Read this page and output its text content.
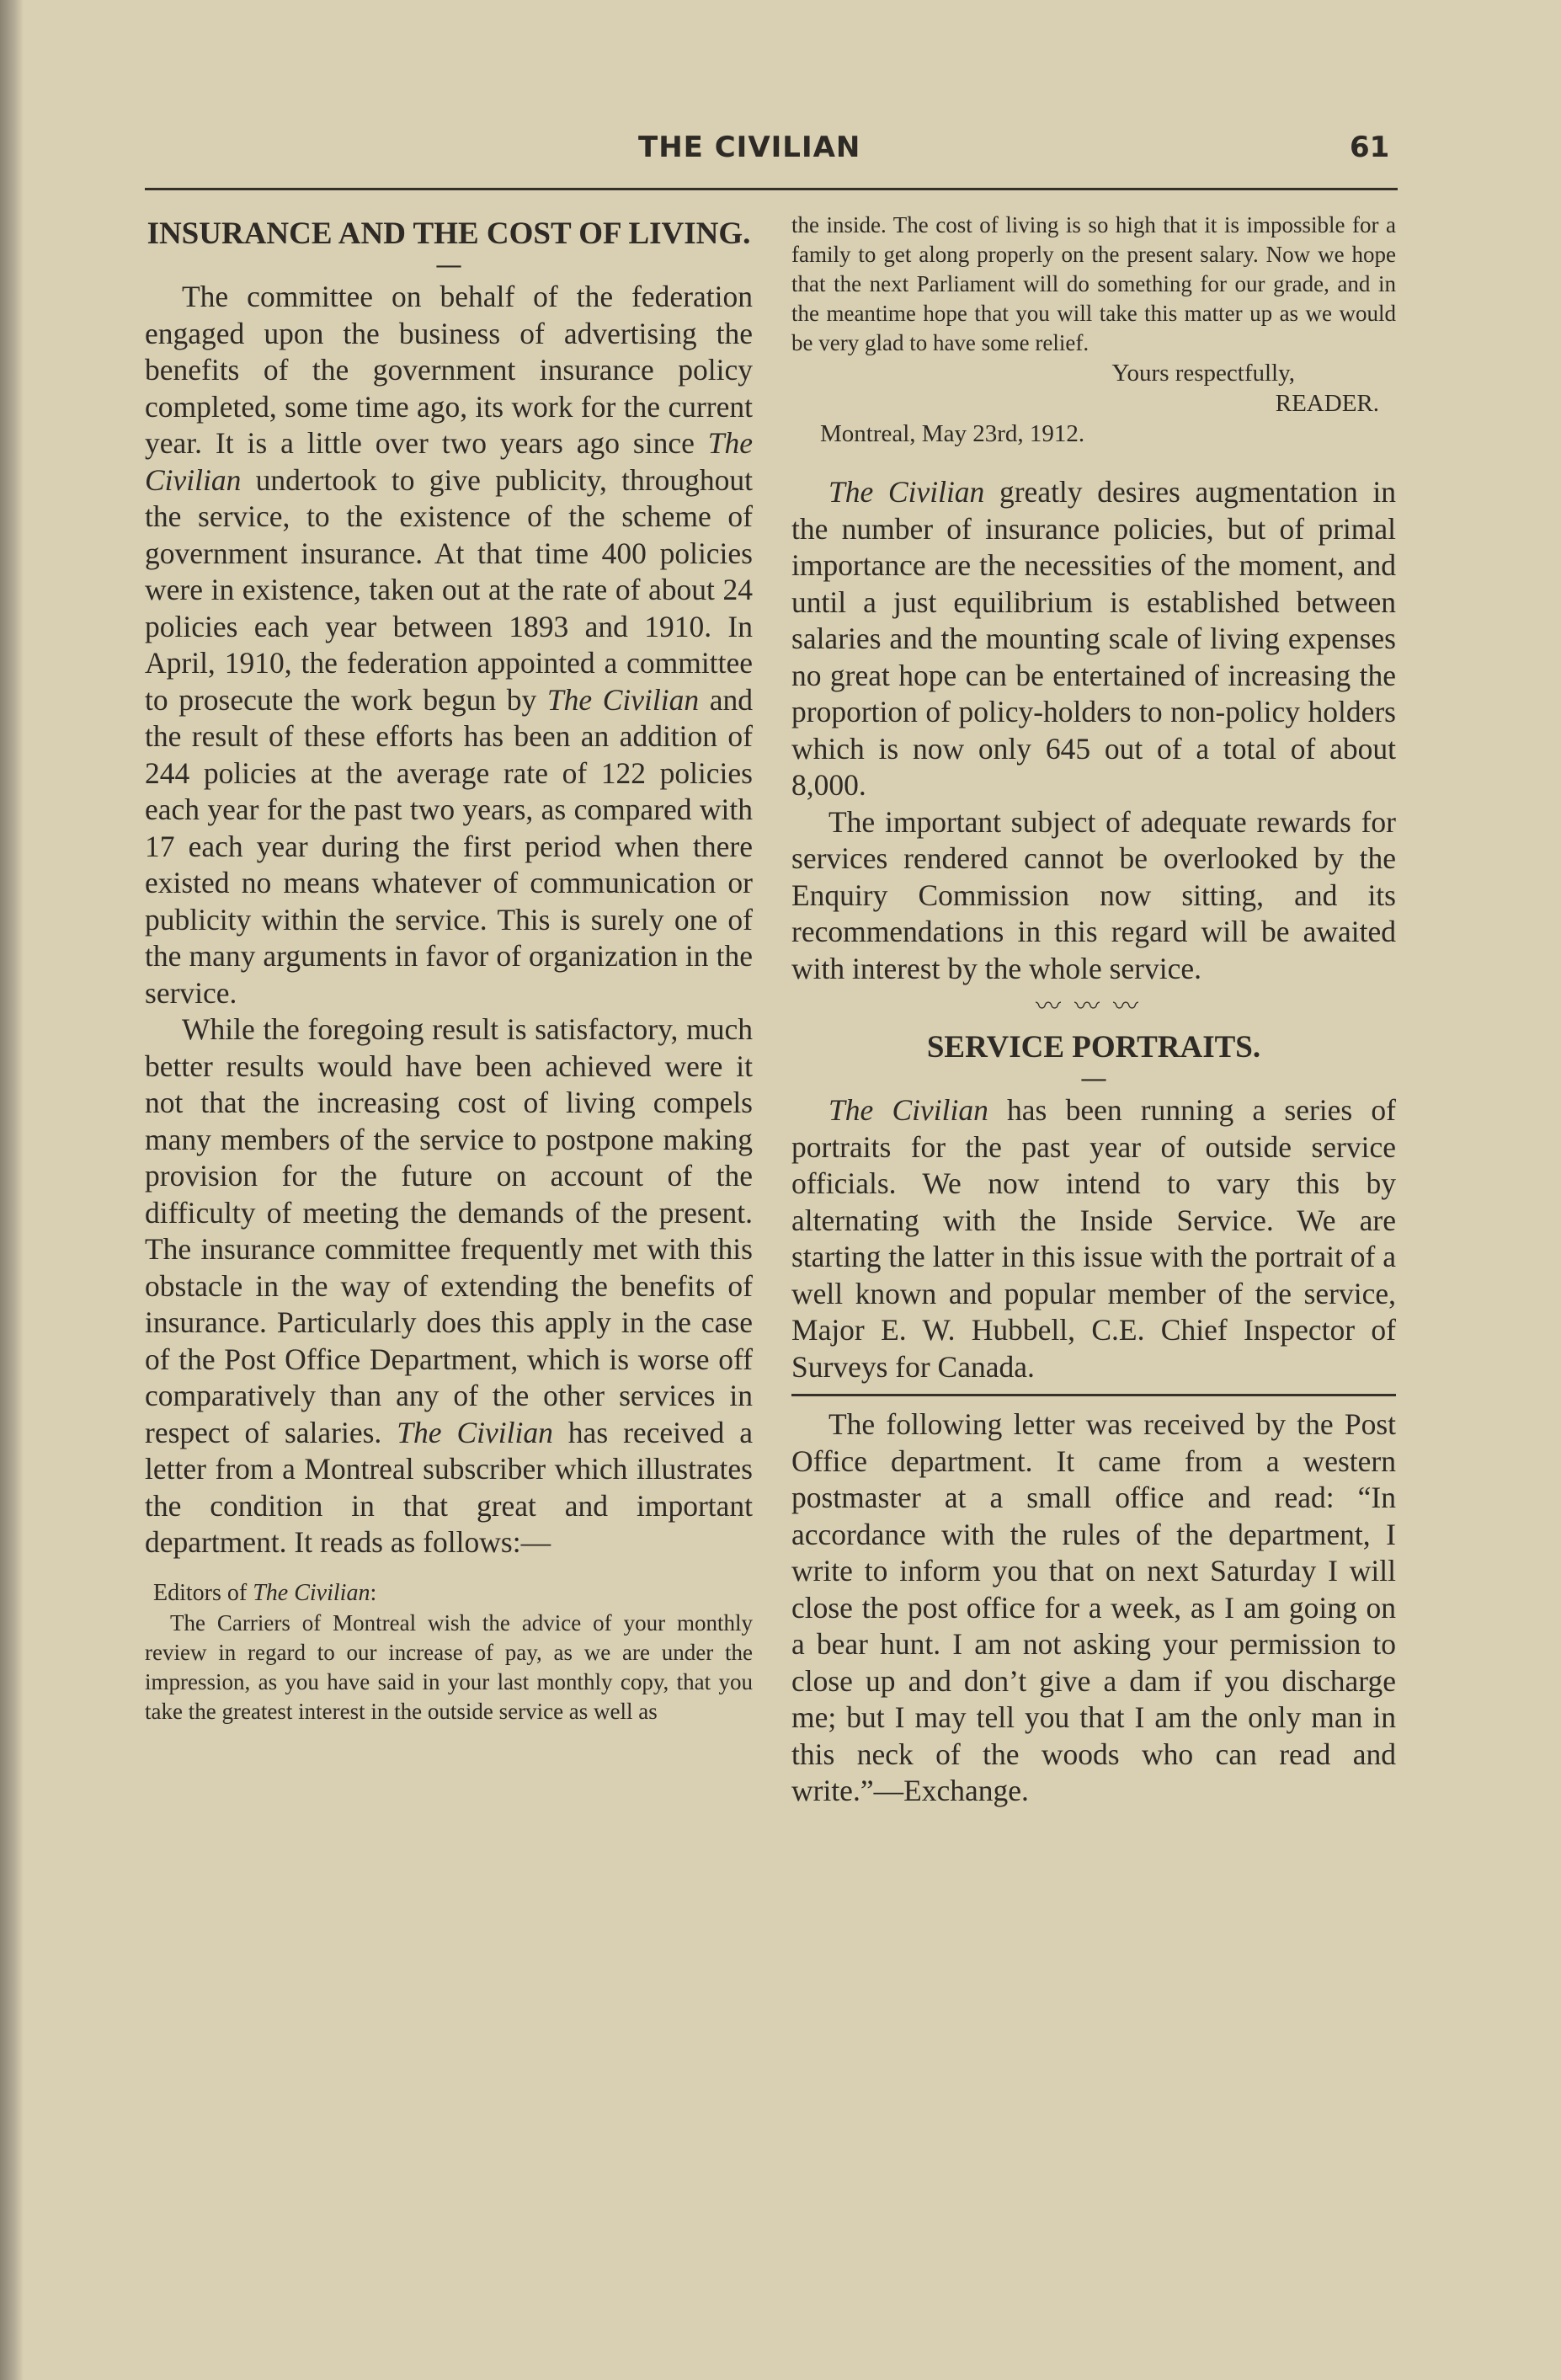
THE CIVILIAN	61
INSURANCE AND THE COST OF LIVING.
—

The committee on behalf of the federation engaged upon the business of advertising the benefits of the government insurance policy completed, some time ago, its work for the current year. It is a little over two years ago since The Civilian undertook to give publicity, throughout the service, to the existence of the scheme of government insurance. At that time 400 policies were in existence, taken out at the rate of about 24 policies each year between 1893 and 1910. In April, 1910, the federation appointed a committee to prosecute the work begun by The Civilian and the result of these efforts has been an addition of 244 policies at the average rate of 122 policies each year for the past two years, as compared with 17 each year during the first period when there existed no means whatever of communication or publicity within the service. This is surely one of the many arguments in favor of organization in the service.

While the foregoing result is satisfactory, much better results would have been achieved were it not that the increasing cost of living compels many members of the service to postpone making provision for the future on account of the difficulty of meeting the demands of the present. The insurance committee frequently met with this obstacle in the way of extending the benefits of insurance. Particularly does this apply in the case of the Post Office Department, which is worse off comparatively than any of the other services in respect of salaries. The Civilian has received a letter from a Montreal subscriber which illustrates the condition in that great and important department. It reads as follows:—

Editors of The Civilian:

The Carriers of Montreal wish the advice of your monthly review in regard to our increase of pay, as we are under the impression, as you have said in your last monthly copy, that you take the greatest interest in the outside service as well as

the inside. The cost of living is so high that it is impossible for a family to get along properly on the present salary. Now we hope that the next Parliament will do something for our grade, and in the meantime hope that you will take this matter up as we would be very glad to have some relief.

Yours respectfully,

READER.

Montreal, May 23rd, 1912.

The Civilian greatly desires augmentation in the number of insurance policies, but of primal importance are the necessities of the moment, and until a just equilibrium is established between salaries and the mounting scale of living expenses no great hope can be entertained of increasing the proportion of policy-holders to non-policy holders which is now only 645 out of a total of about 8,000.

The important subject of adequate rewards for services rendered cannot be overlooked by the Enquiry Commission now sitting, and its recommendations in this regard will be awaited with interest by the whole service.

〰〰〰
SERVICE PORTRAITS.
—

The Civilian has been running a series of portraits for the past year of outside service officials. We now intend to vary this by alternating with the Inside Service. We are starting the latter in this issue with the portrait of a well known and popular member of the service, Major E. W. Hubbell, C.E. Chief Inspector of Surveys for Canada.

The following letter was received by the Post Office department. It came from a western postmaster at a small office and read: “In accordance with the rules of the department, I write to inform you that on next Saturday I will close the post office for a week, as I am going on a bear hunt. I am not asking your permission to close up and don’t give a dam if you discharge me; but I may tell you that I am the only man in this neck of the woods who can read and write.”—Exchange.
